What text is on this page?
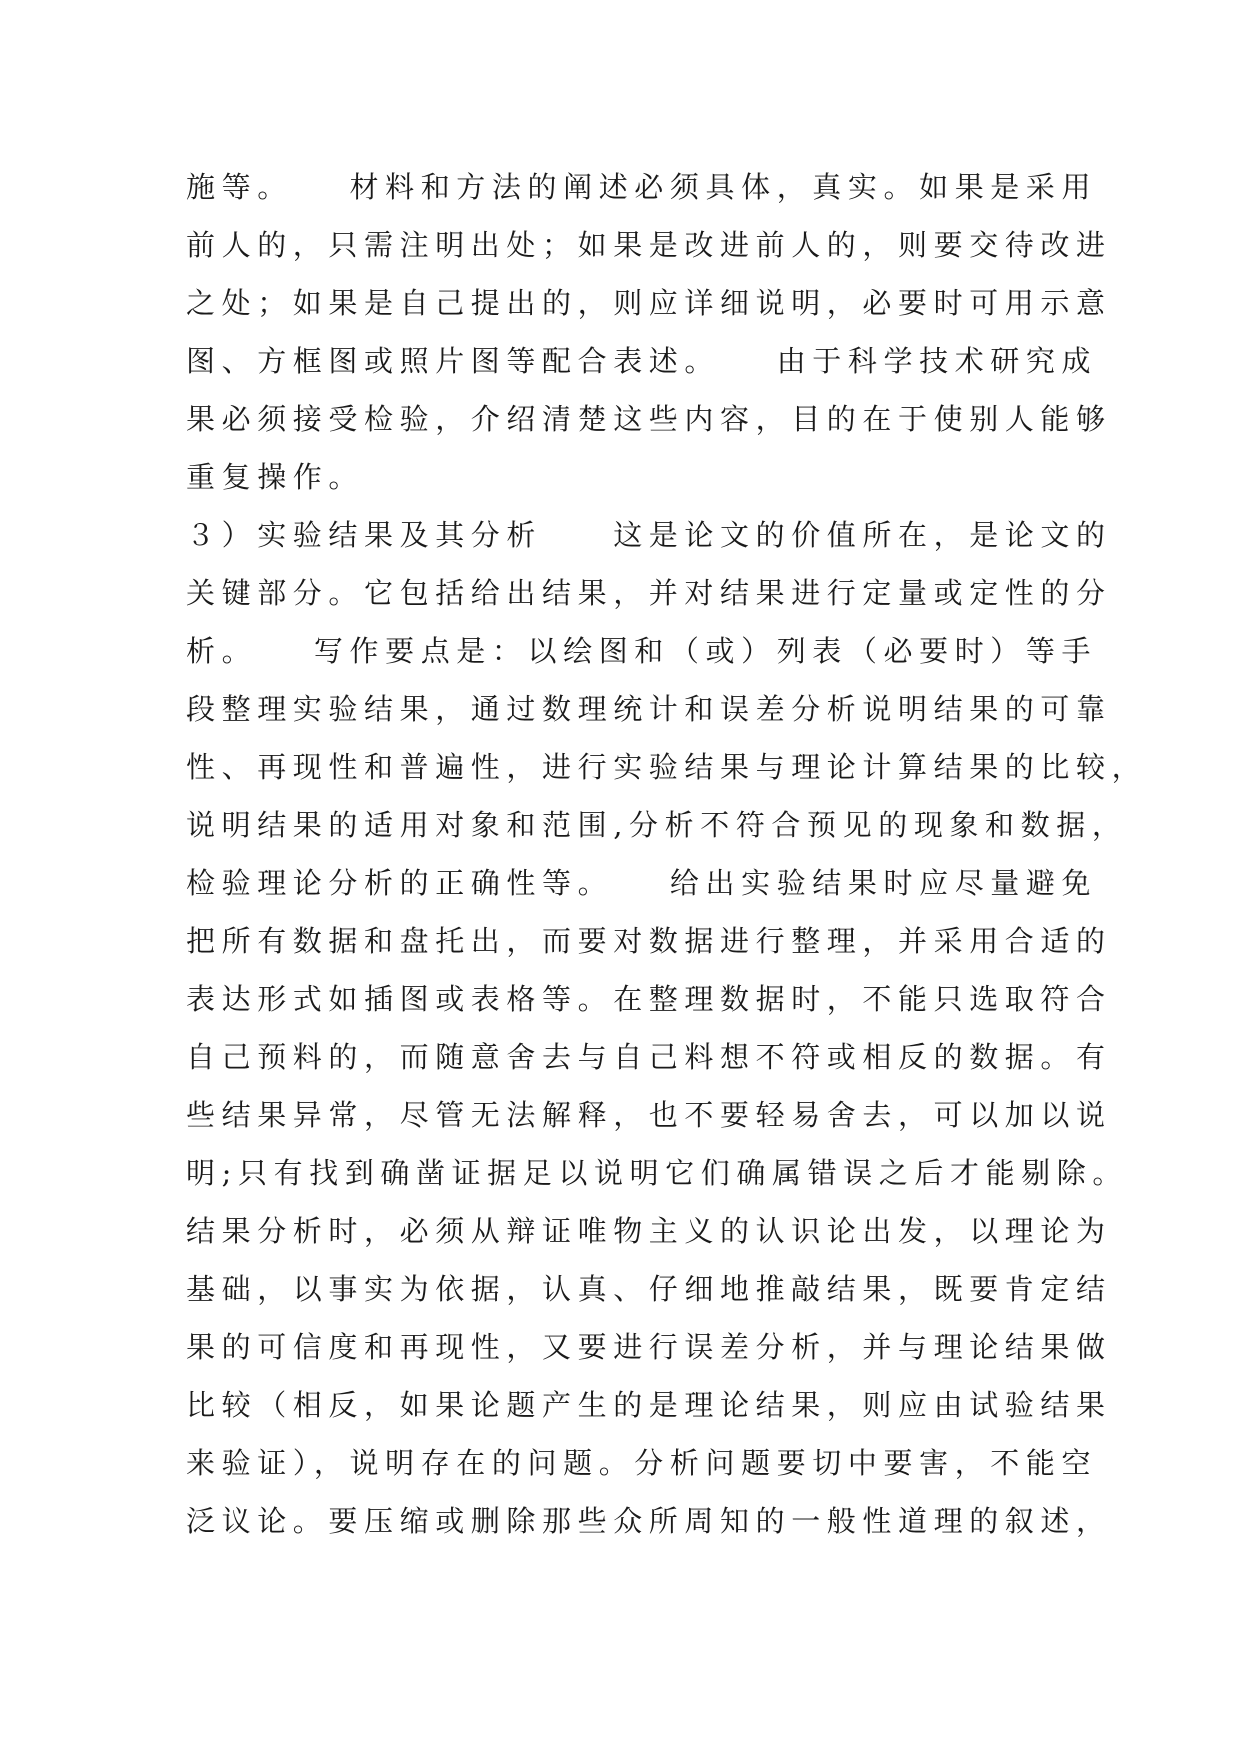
施等。　　材料和方法的阐述必须具体，真实。如果是采用
前人的，只需注明出处；如果是改进前人的，则要交待改进
之处；如果是自己提出的，则应详细说明，必要时可用示意
图、方框图或照片图等配合表述。　　由于科学技术研究成
果必须接受检验，介绍清楚这些内容，目的在于使别人能够
重复操作。
３）实验结果及其分析　　这是论文的价值所在，是论文的
关键部分。它包括给出结果，并对结果进行定量或定性的分
析。　　写作要点是：以绘图和（或）列表（必要时）等手
段整理实验结果，通过数理统计和误差分析说明结果的可靠
性、再现性和普遍性，进行实验结果与理论计算结果的比较，
说明结果的适用对象和范围,分析不符合预见的现象和数据，
检验理论分析的正确性等。　　给出实验结果时应尽量避免
把所有数据和盘托出，而要对数据进行整理，并采用合适的
表达形式如插图或表格等。在整理数据时，不能只选取符合
自己预料的，而随意舍去与自己料想不符或相反的数据。有
些结果异常，尽管无法解释，也不要轻易舍去，可以加以说
明;只有找到确凿证据足以说明它们确属错误之后才能剔除。
结果分析时，必须从辩证唯物主义的认识论出发，以理论为
基础，以事实为依据，认真、仔细地推敲结果，既要肯定结
果的可信度和再现性，又要进行误差分析，并与理论结果做
比较（相反，如果论题产生的是理论结果，则应由试验结果
来验证），说明存在的问题。分析问题要切中要害，不能空
泛议论。要压缩或删除那些众所周知的一般性道理的叙述，
